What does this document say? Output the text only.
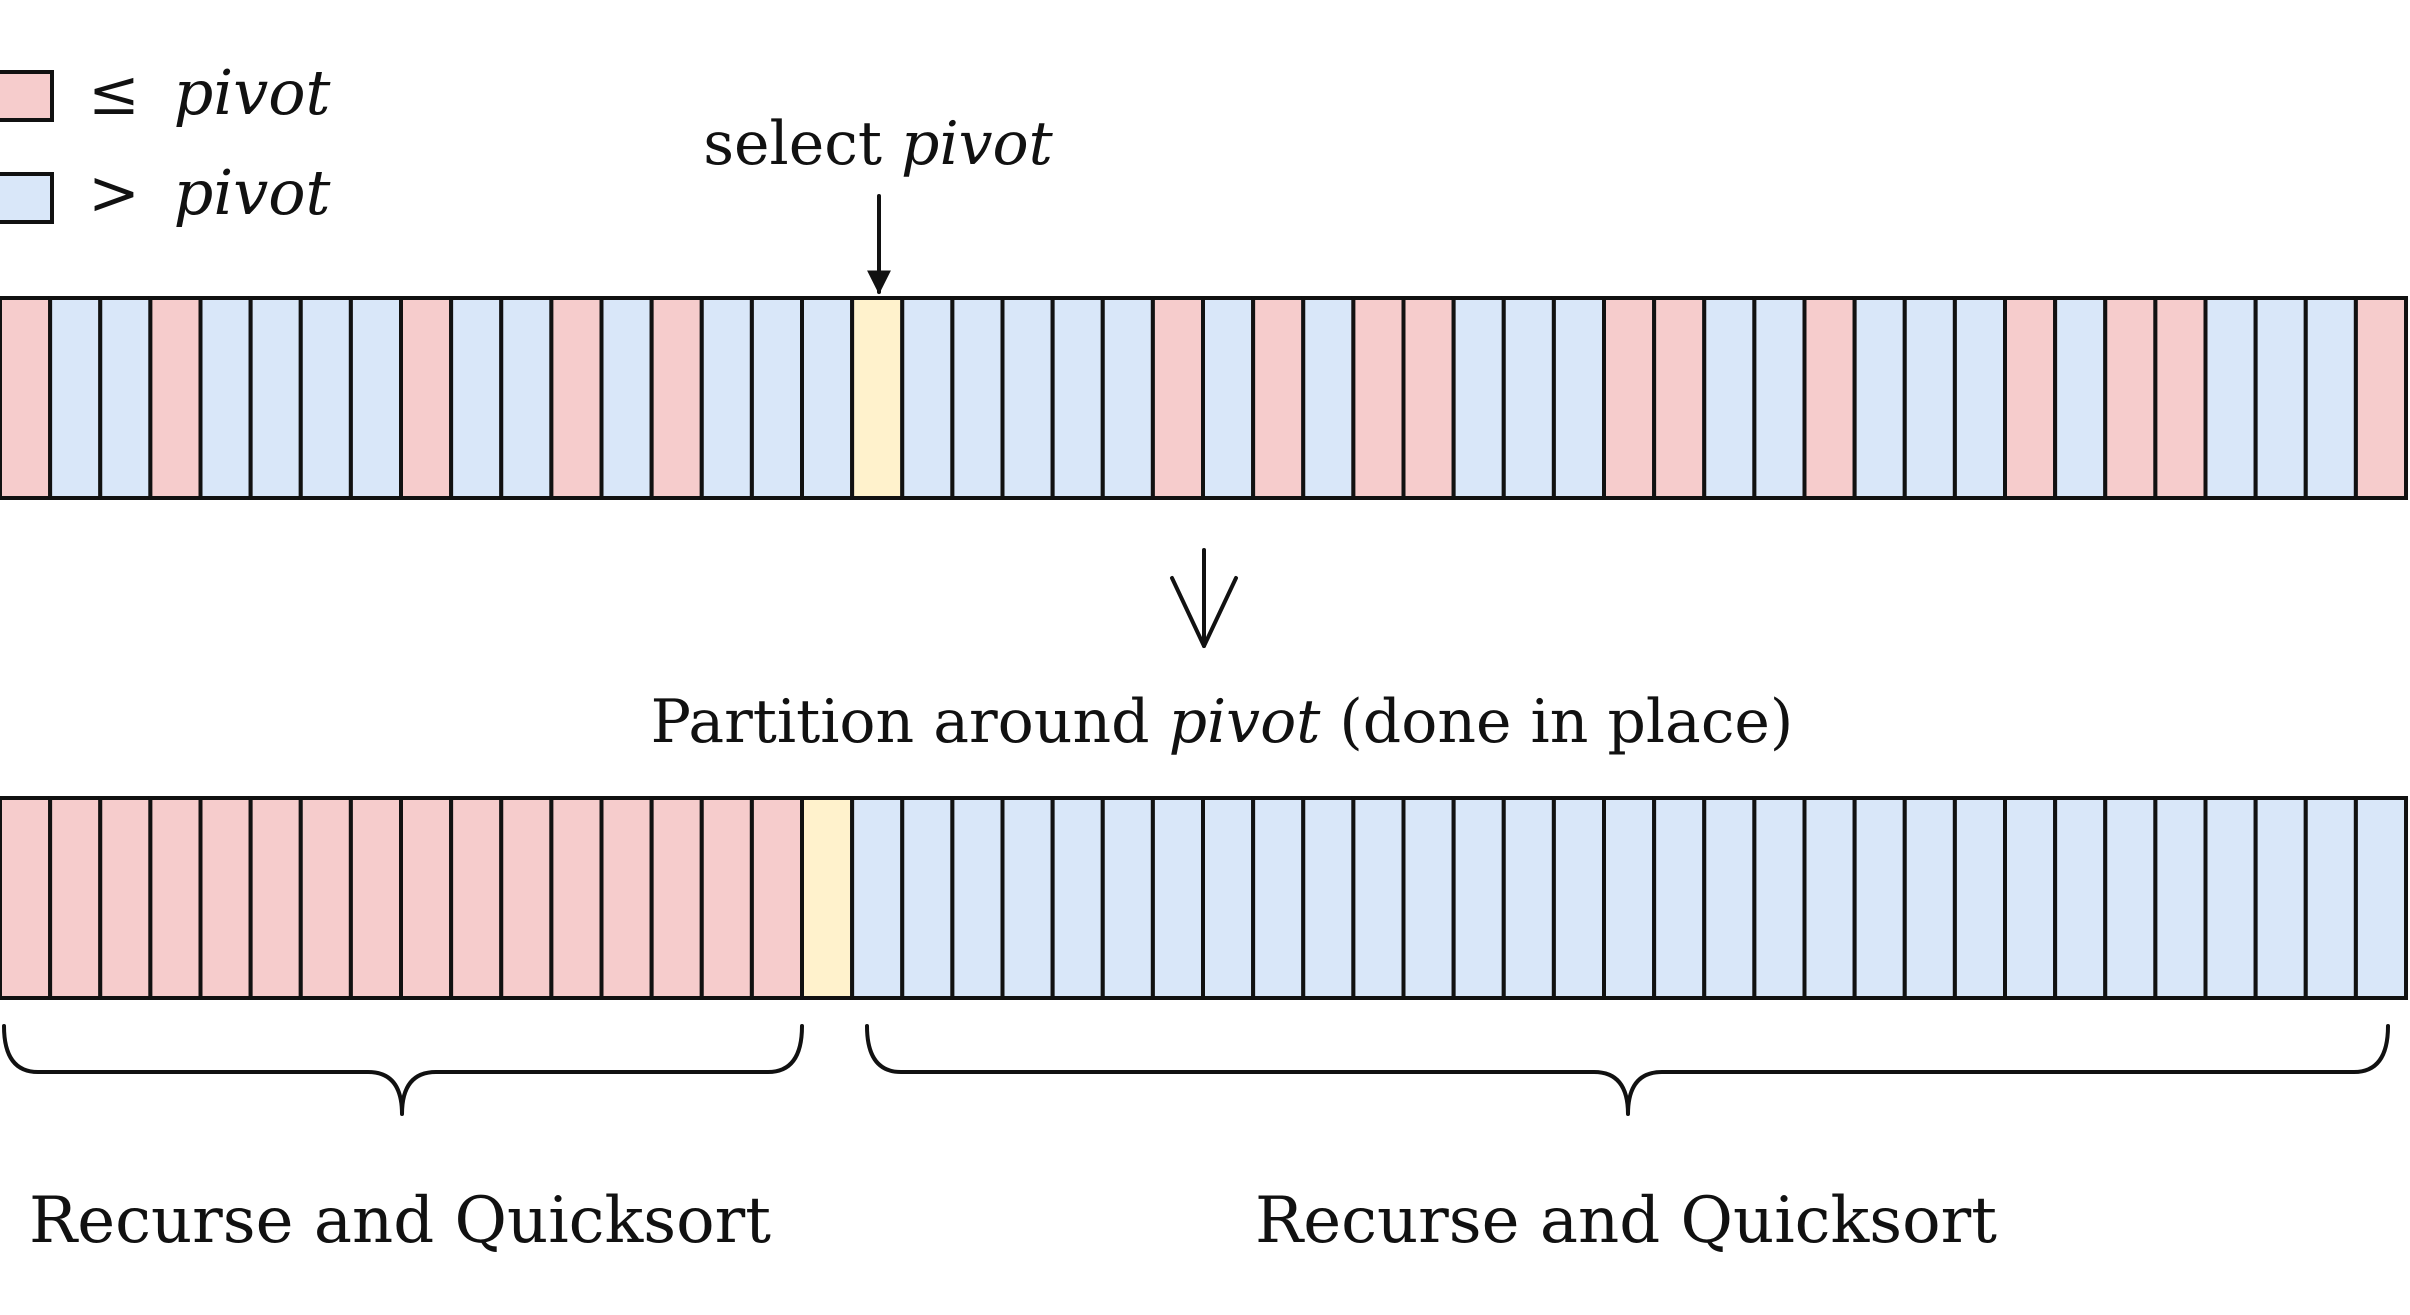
≤ pivot
> pivot
select pivot
Partition around pivot (done in place)
Recurse and Quicksort	Recurse and Quicksort
